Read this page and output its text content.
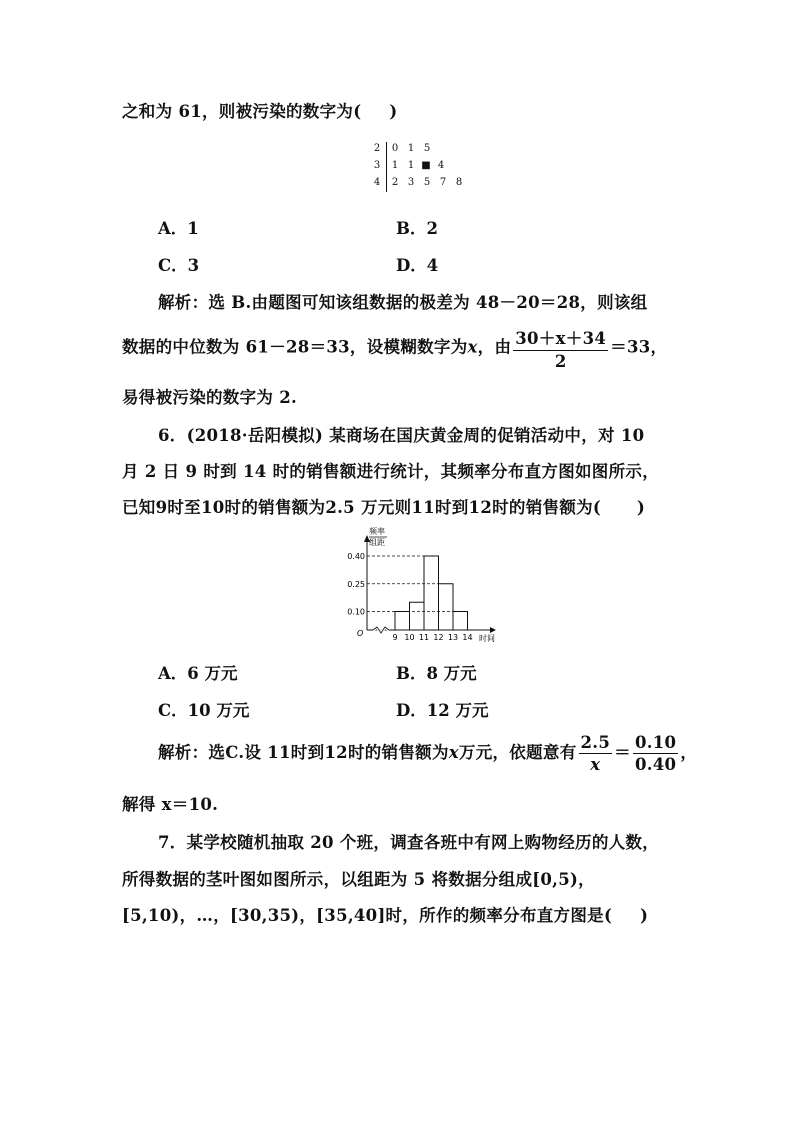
之和为 61，则被污染的数字为( )
2 0 1 5
3 1 1 ■ 4
4 2 3 5 7 8
A．1	B．2
C．3	D．4
解析：选 B.由题图可知该组数据的极差为 48－20＝28，则该组
数据的中位数为 61－28＝33，设模糊数字为x，由 $\frac{30+x+34}{2} =33$，
易得被污染的数字为 2.
6．(2018·岳阳模拟) 某商场在国庆黄金周的促销活动中，对 10
月 2 日 9 时到 14 时的销售额进行统计，其频率分布直方图如图所示，
已知9时至10时的销售额为2.5 万元则11时到12时的销售额为( )
频率
组距
O
时间
0.10
0.25
0.40
9 10 11 12 13 14
A．6 万元	B．8 万元
C．10 万元	D．12 万元
解析：选C.设 11时到12时的销售额为x万元，依题意有 $\frac{2.5}{x} = \frac{0.10}{0.40}$ ，
解得 x＝10.
7．某学校随机抽取 20 个班，调查各班中有网上购物经历的人数，
所得数据的茎叶图如图所示，以组距为 5 将数据分组成[0,5)，
[5,10)，…，[30,35)，[35,40]时，所作的频率分布直方图是( )
